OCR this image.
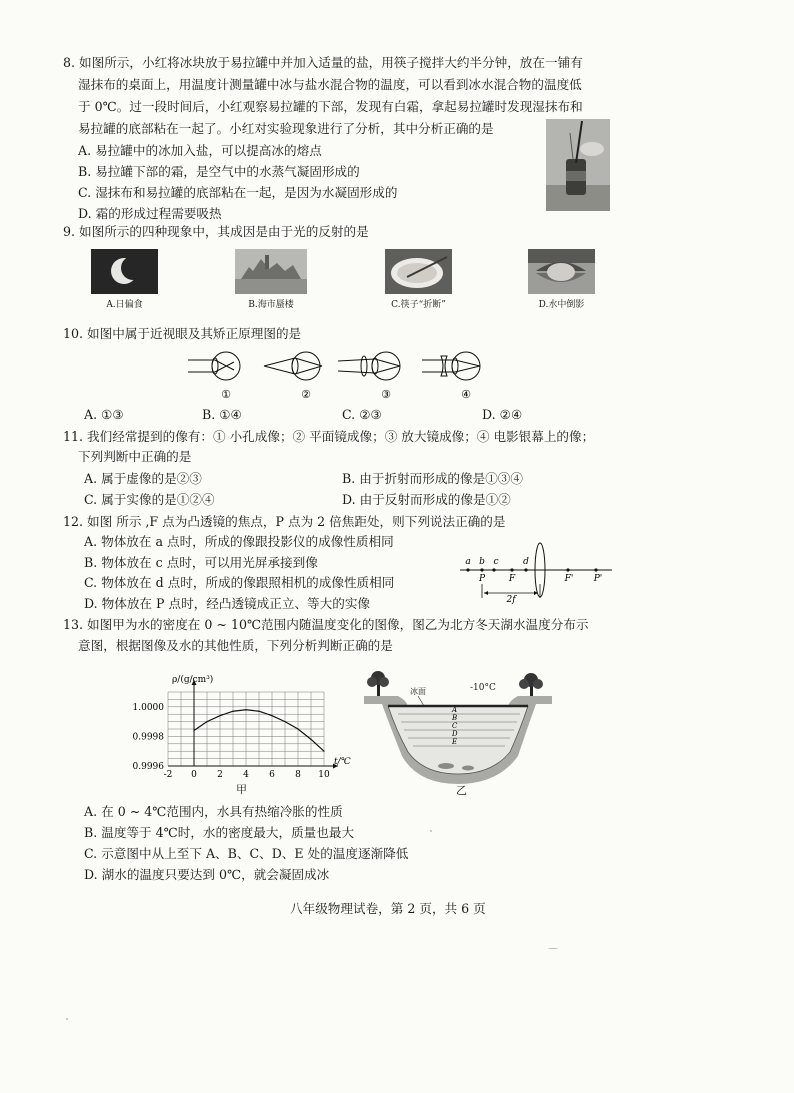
8. 如图所示，小红将冰块放于易拉罐中并加入适量的盐，用筷子搅拌大约半分钟，放在一铺有
湿抹布的桌面上，用温度计测量罐中冰与盐水混合物的温度，可以看到冰水混合物的温度低
于 0℃。过一段时间后，小红观察易拉罐的下部，发现有白霜，拿起易拉罐时发现湿抹布和
易拉罐的底部粘在一起了。小红对实验现象进行了分析，其中分析正确的是
A. 易拉罐中的冰加入盐，可以提高冰的熔点
B. 易拉罐下部的霜，是空气中的水蒸气凝固形成的
C. 湿抹布和易拉罐的底部粘在一起，是因为水凝固形成的
D. 霜的形成过程需要吸热
9. 如图所示的四种现象中，其成因是由于光的反射的是
A.日偏食	B.海市蜃楼	C.筷子“折断”	D.水中倒影
10. 如图中属于近视眼及其矫正原理图的是
①	②	③	④
A. ①③	B. ①④	C. ②③	D. ②④
11. 我们经常提到的像有：① 小孔成像；② 平面镜成像；③ 放大镜成像；④ 电影银幕上的像；
下列判断中正确的是
A. 属于虚像的是②③	B. 由于折射而形成的像是①③④
C. 属于实像的是①②④	D. 由于反射而形成的像是①②
12. 如图 所示 ,F 点为凸透镜的焦点，P 点为 2 倍焦距处，则下列说法正确的是
A. 物体放在 a 点时，所成的像跟投影仪的成像性质相同
B. 物体放在 c 点时，可以用光屏承接到像
C. 物体放在 d 点时，所成的像跟照相机的成像性质相同
D. 物体放在 P 点时，经凸透镜成正立、等大的实像
a b c	d
P	F	F' P'
2f
13. 如图甲为水的密度在 0 ~ 10℃范围内随温度变化的图像，图乙为北方冬天湖水温度分布示
意图，根据图像及水的其他性质，下列分析判断正确的是
-2 0 2 4 6 8 10
0.9996
0.9998
1.0000
ρ/(g/cm³)
t/℃
甲
A
B
C
D
E
冰面	-10°C
乙
A. 在 0 ~ 4℃范围内，水具有热缩冷胀的性质
B. 温度等于 4℃时，水的密度最大，质量也最大
C. 示意图中从上至下 A、B、C、D、E 处的温度逐渐降低
D. 湖水的温度只要达到 0℃，就会凝固成冰
八年级物理试卷，第 2 页，共 6 页
